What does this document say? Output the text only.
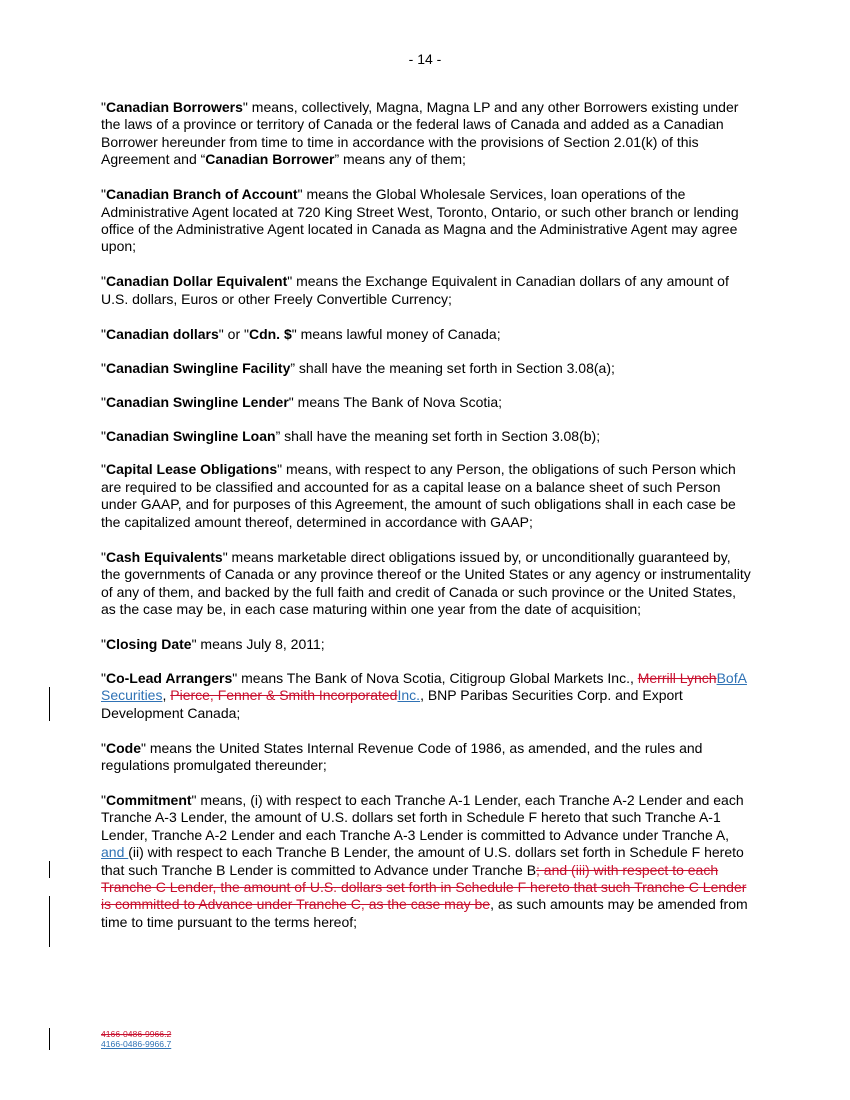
- 14 -

"Canadian Borrowers" means, collectively, Magna, Magna LP and any other Borrowers existing under the laws of a province or territory of Canada or the federal laws of Canada and added as a Canadian Borrower hereunder from time to time in accordance with the provisions of Section 2.01(k) of this Agreement and “Canadian Borrower” means any of them;

"Canadian Branch of Account" means the Global Wholesale Services, loan operations of the Administrative Agent located at 720 King Street West, Toronto, Ontario, or such other branch or lending office of the Administrative Agent located in Canada as Magna and the Administrative Agent may agree upon;

"Canadian Dollar Equivalent" means the Exchange Equivalent in Canadian dollars of any amount of U.S. dollars, Euros or other Freely Convertible Currency;

"Canadian dollars" or "Cdn. $" means lawful money of Canada;

"Canadian Swingline Facility” shall have the meaning set forth in Section 3.08(a);

"Canadian Swingline Lender" means The Bank of Nova Scotia;

"Canadian Swingline Loan” shall have the meaning set forth in Section 3.08(b);

"Capital Lease Obligations" means, with respect to any Person, the obligations of such Person which are required to be classified and accounted for as a capital lease on a balance sheet of such Person under GAAP, and for purposes of this Agreement, the amount of such obligations shall in each case be the capitalized amount thereof, determined in accordance with GAAP;

"Cash Equivalents" means marketable direct obligations issued by, or unconditionally guaranteed by, the governments of Canada or any province thereof or the United States or any agency or instrumentality of any of them, and backed by the full faith and credit of Canada or such province or the United States, as the case may be, in each case maturing within one year from the date of acquisition;

"Closing Date" means July 8, 2011;

"Co-Lead Arrangers" means The Bank of Nova Scotia, Citigroup Global Markets Inc., Merrill LynchBofA Securities, Pierce, Fenner & Smith IncorporatedInc., BNP Paribas Securities Corp. and Export Development Canada;

"Code" means the United States Internal Revenue Code of 1986, as amended, and the rules and regulations promulgated thereunder;

"Commitment" means, (i) with respect to each Tranche A-1 Lender, each Tranche A-2 Lender and each Tranche A-3 Lender, the amount of U.S. dollars set forth in Schedule F hereto that such Tranche A-1 Lender, Tranche A-2 Lender and each Tranche A-3 Lender is committed to Advance under Tranche A, and (ii) with respect to each Tranche B Lender, the amount of U.S. dollars set forth in Schedule F hereto that such Tranche B Lender is committed to Advance under Tranche B; and (iii) with respect to each Tranche C Lender, the amount of U.S. dollars set forth in Schedule F hereto that such Tranche C Lender is committed to Advance under Tranche C, as the case may be, as such amounts may be amended from time to time pursuant to the terms hereof;

4166-0486-9966.2
4166-0486-9966.7
